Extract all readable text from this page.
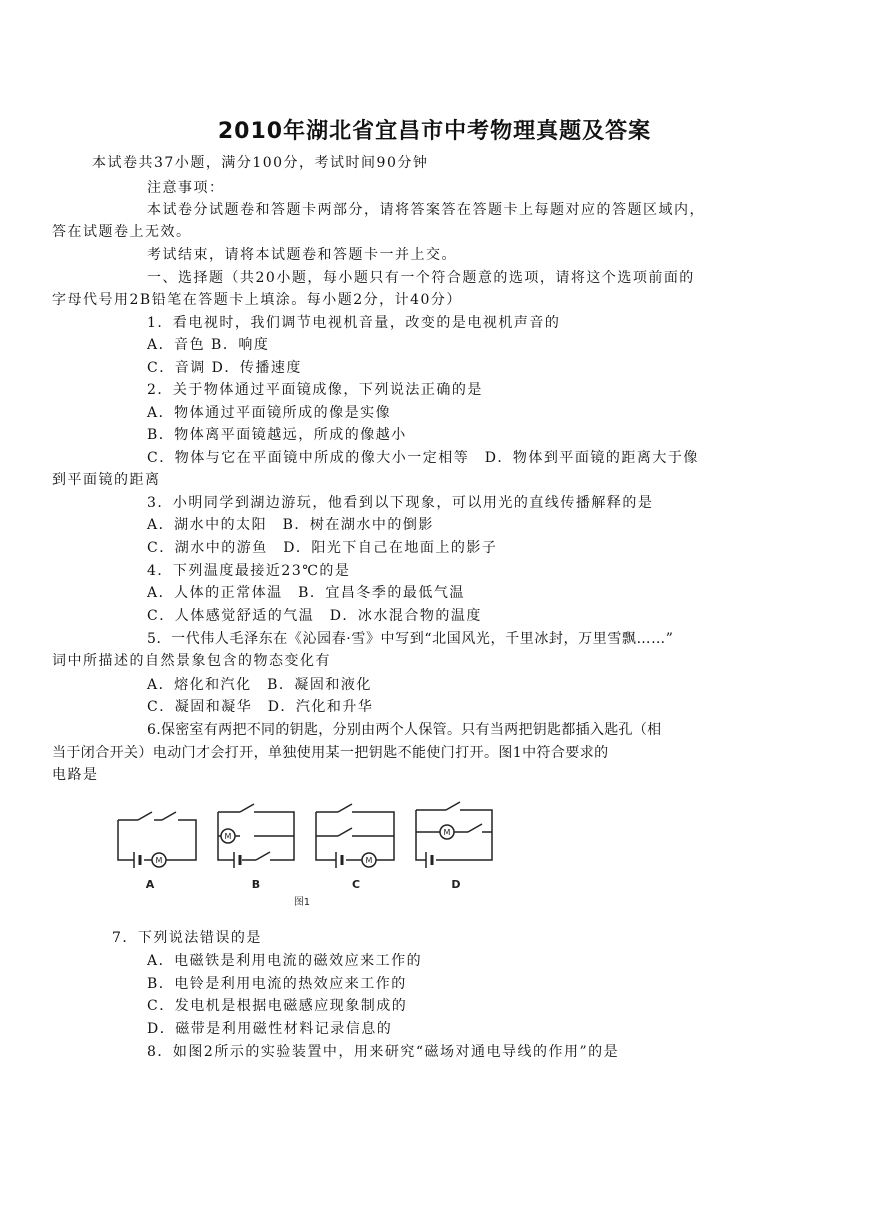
2010年湖北省宜昌市中考物理真题及答案
本试卷共37小题，满分100分，考试时间90分钟
注意事项：
本试卷分试题卷和答题卡两部分，请将答案答在答题卡上每题对应的答题区域内，
答在试题卷上无效。
考试结束，请将本试题卷和答题卡一并上交。
一、选择题（共20小题，每小题只有一个符合题意的选项，请将这个选项前面的
字母代号用2B铅笔在答题卡上填涂。每小题2分，计40分）
1．看电视时，我们调节电视机音量，改变的是电视机声音的
A．音色 B．响度
C．音调 D．传播速度
2．关于物体通过平面镜成像，下列说法正确的是
A．物体通过平面镜所成的像是实像
B．物体离平面镜越远，所成的像越小
C．物体与它在平面镜中所成的像大小一定相等　D．物体到平面镜的距离大于像
到平面镜的距离
3．小明同学到湖边游玩，他看到以下现象，可以用光的直线传播解释的是
A．湖水中的太阳　B．树在湖水中的倒影
C．湖水中的游鱼　D．阳光下自己在地面上的影子
4．下列温度最接近23℃的是
A．人体的正常体温　B．宜昌冬季的最低气温
C．人体感觉舒适的气温　D．冰水混合物的温度
5．一代伟人毛泽东在《沁园春·雪》中写到“北国风光，千里冰封，万里雪飘……”
词中所描述的自然景象包含的物态变化有
A．熔化和汽化　B．凝固和液化
C．凝固和凝华　D．汽化和升华
6.保密室有两把不同的钥匙，分别由两个人保管。只有当两把钥匙都插入匙孔（相
当于闭合开关）电动门才会打开，单独使用某一把钥匙不能使门打开。图1中符合要求的
电路是
M
M
M
M
A	B	C	D
图1
7．下列说法错误的是
A．电磁铁是利用电流的磁效应来工作的
B．电铃是利用电流的热效应来工作的
C．发电机是根据电磁感应现象制成的
D．磁带是利用磁性材料记录信息的
8．如图2所示的实验装置中，用来研究“磁场对通电导线的作用”的是
